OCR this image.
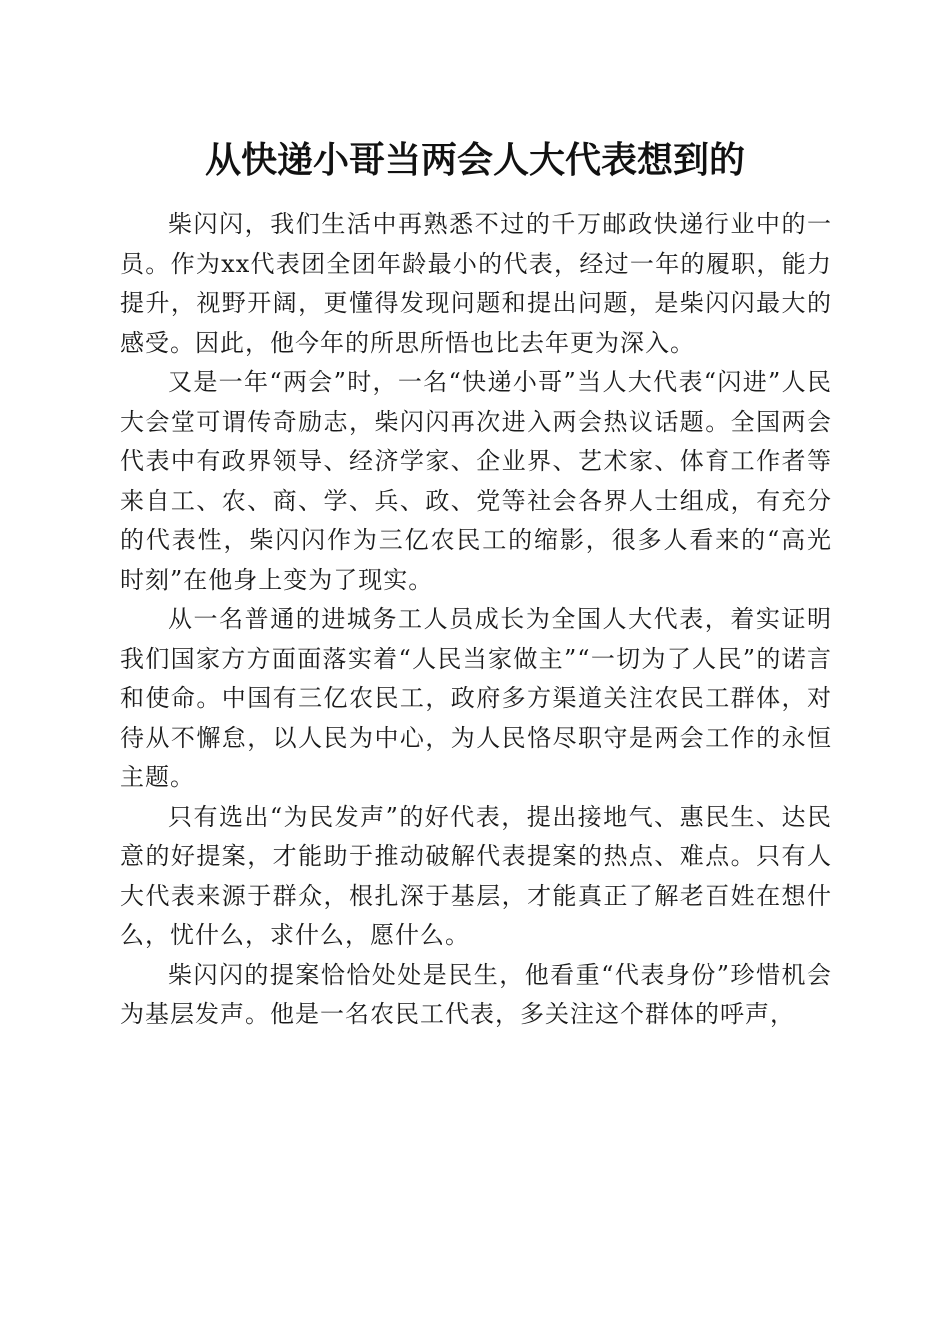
从快递小哥当两会人大代表想到的

柴闪闪，我们生活中再熟悉不过的千万邮政快递行业中的一员。作为xx代表团全团年龄最小的代表，经过一年的履职，能力提升，视野开阔，更懂得发现问题和提出问题，是柴闪闪最大的感受。因此，他今年的所思所悟也比去年更为深入。

又是一年“两会”时，一名“快递小哥”当人大代表“闪进”人民大会堂可谓传奇励志，柴闪闪再次进入两会热议话题。全国两会代表中有政界领导、经济学家、企业界、艺术家、体育工作者等来自工、农、商、学、兵、政、党等社会各界人士组成，有充分的代表性，柴闪闪作为三亿农民工的缩影，很多人看来的“高光时刻”在他身上变为了现实。

从一名普通的进城务工人员成长为全国人大代表，着实证明我们国家方方面面落实着“人民当家做主”“一切为了人民”的诺言和使命。中国有三亿农民工，政府多方渠道关注农民工群体，对待从不懈怠，以人民为中心，为人民恪尽职守是两会工作的永恒主题。

只有选出“为民发声”的好代表，提出接地气、惠民生、达民意的好提案，才能助于推动破解代表提案的热点、难点。只有人大代表来源于群众，根扎深于基层，才能真正了解老百姓在想什么，忧什么，求什么，愿什么。

柴闪闪的提案恰恰处处是民生，他看重“代表身份”珍惜机会为基层发声。他是一名农民工代表，多关注这个群体的呼声，
